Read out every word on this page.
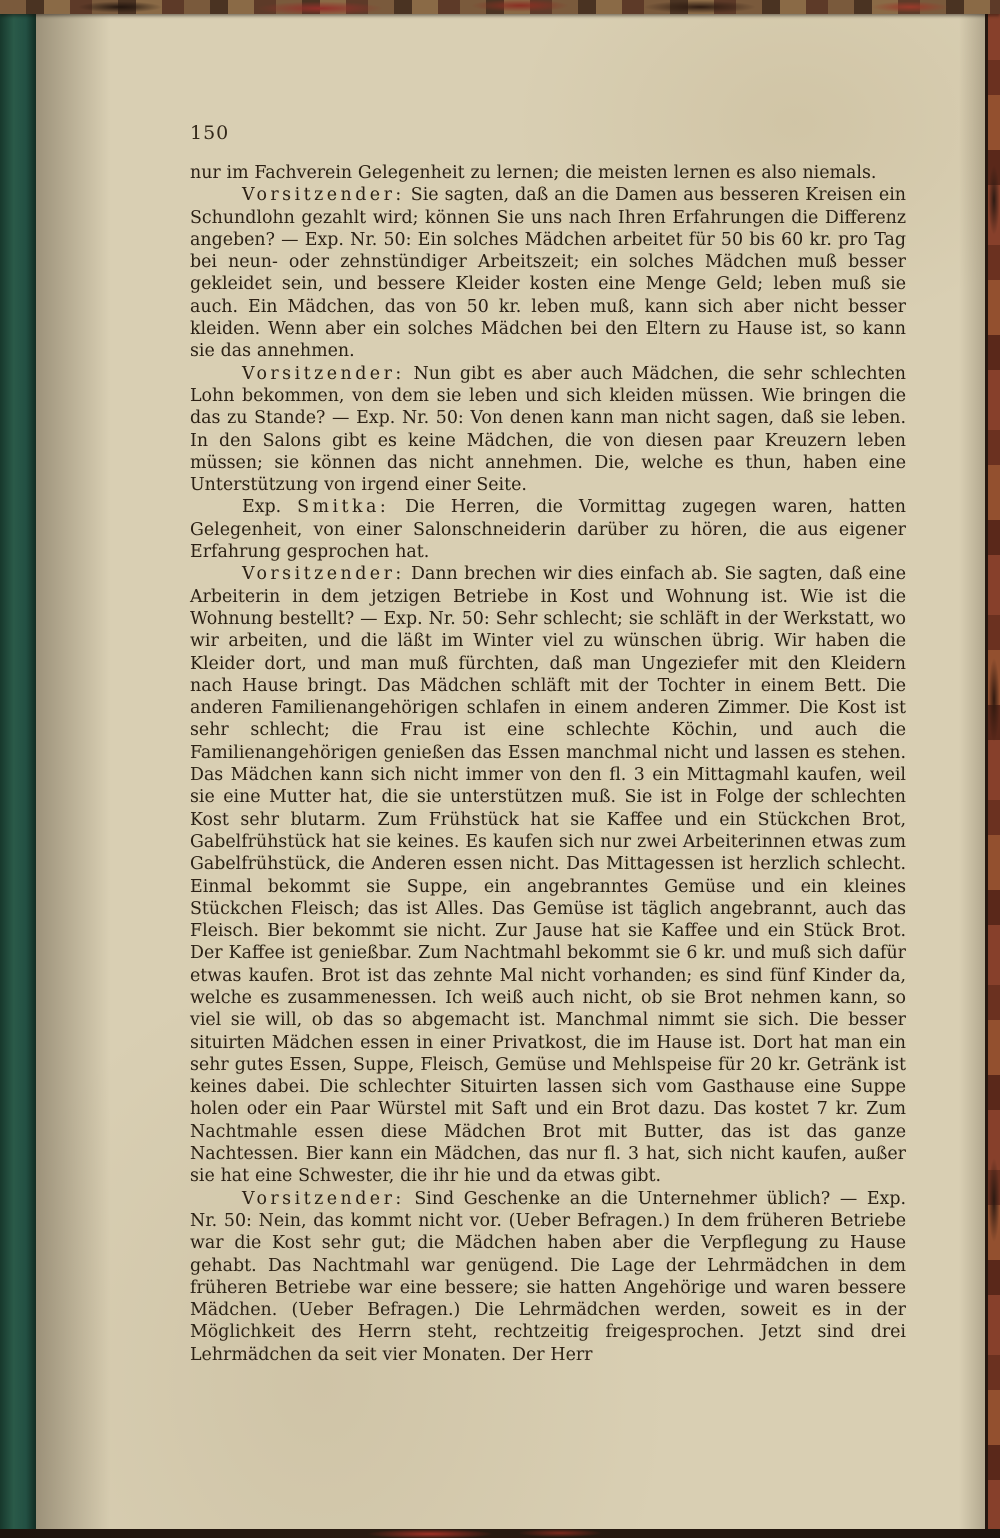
150

nur im Fachverein Gelegenheit zu lernen; die meisten lernen es also niemals.

Vorsitzender: Sie sagten, daß an die Damen aus besseren Kreisen ein Schundlohn gezahlt wird; können Sie uns nach Ihren Erfahrungen die Differenz angeben? — Exp. Nr. 50: Ein solches Mädchen arbeitet für 50 bis 60 kr. pro Tag bei neun- oder zehnstündiger Arbeitszeit; ein solches Mädchen muß besser gekleidet sein, und bessere Kleider kosten eine Menge Geld; leben muß sie auch. Ein Mädchen, das von 50 kr. leben muß, kann sich aber nicht besser kleiden. Wenn aber ein solches Mädchen bei den Eltern zu Hause ist, so kann sie das annehmen.

Vorsitzender: Nun gibt es aber auch Mädchen, die sehr schlechten Lohn bekommen, von dem sie leben und sich kleiden müssen. Wie bringen die das zu Stande? — Exp. Nr. 50: Von denen kann man nicht sagen, daß sie leben. In den Salons gibt es keine Mädchen, die von diesen paar Kreuzern leben müssen; sie können das nicht annehmen. Die, welche es thun, haben eine Unterstützung von irgend einer Seite.

Exp. Smitka: Die Herren, die Vormittag zugegen waren, hatten Gelegenheit, von einer Salonschneiderin darüber zu hören, die aus eigener Erfahrung gesprochen hat.

Vorsitzender: Dann brechen wir dies einfach ab. Sie sagten, daß eine Arbeiterin in dem jetzigen Betriebe in Kost und Wohnung ist. Wie ist die Wohnung bestellt? — Exp. Nr. 50: Sehr schlecht; sie schläft in der Werkstatt, wo wir arbeiten, und die läßt im Winter viel zu wünschen übrig. Wir haben die Kleider dort, und man muß fürchten, daß man Ungeziefer mit den Kleidern nach Hause bringt. Das Mädchen schläft mit der Tochter in einem Bett. Die anderen Familienangehörigen schlafen in einem anderen Zimmer. Die Kost ist sehr schlecht; die Frau ist eine schlechte Köchin, und auch die Familienangehörigen genießen das Essen manchmal nicht und lassen es stehen. Das Mädchen kann sich nicht immer von den fl. 3 ein Mittagmahl kaufen, weil sie eine Mutter hat, die sie unterstützen muß. Sie ist in Folge der schlechten Kost sehr blutarm. Zum Frühstück hat sie Kaffee und ein Stückchen Brot, Gabelfrühstück hat sie keines. Es kaufen sich nur zwei Arbeiterinnen etwas zum Gabelfrühstück, die Anderen essen nicht. Das Mittagessen ist herzlich schlecht. Einmal bekommt sie Suppe, ein angebranntes Gemüse und ein kleines Stückchen Fleisch; das ist Alles. Das Gemüse ist täglich angebrannt, auch das Fleisch. Bier bekommt sie nicht. Zur Jause hat sie Kaffee und ein Stück Brot. Der Kaffee ist genießbar. Zum Nachtmahl bekommt sie 6 kr. und muß sich dafür etwas kaufen. Brot ist das zehnte Mal nicht vorhanden; es sind fünf Kinder da, welche es zusammenessen. Ich weiß auch nicht, ob sie Brot nehmen kann, so viel sie will, ob das so abgemacht ist. Manchmal nimmt sie sich. Die besser situirten Mädchen essen in einer Privatkost, die im Hause ist. Dort hat man ein sehr gutes Essen, Suppe, Fleisch, Gemüse und Mehlspeise für 20 kr. Getränk ist keines dabei. Die schlechter Situirten lassen sich vom Gasthause eine Suppe holen oder ein Paar Würstel mit Saft und ein Brot dazu. Das kostet 7 kr. Zum Nachtmahle essen diese Mädchen Brot mit Butter, das ist das ganze Nachtessen. Bier kann ein Mädchen, das nur fl. 3 hat, sich nicht kaufen, außer sie hat eine Schwester, die ihr hie und da etwas gibt.

Vorsitzender: Sind Geschenke an die Unternehmer üblich? — Exp. Nr. 50: Nein, das kommt nicht vor. (Ueber Befragen.) In dem früheren Betriebe war die Kost sehr gut; die Mädchen haben aber die Verpflegung zu Hause gehabt. Das Nachtmahl war genügend. Die Lage der Lehrmädchen in dem früheren Betriebe war eine bessere; sie hatten Angehörige und waren bessere Mädchen. (Ueber Befragen.) Die Lehrmädchen werden, soweit es in der Möglichkeit des Herrn steht, rechtzeitig freigesprochen. Jetzt sind drei Lehrmädchen da seit vier Monaten. Der Herr
